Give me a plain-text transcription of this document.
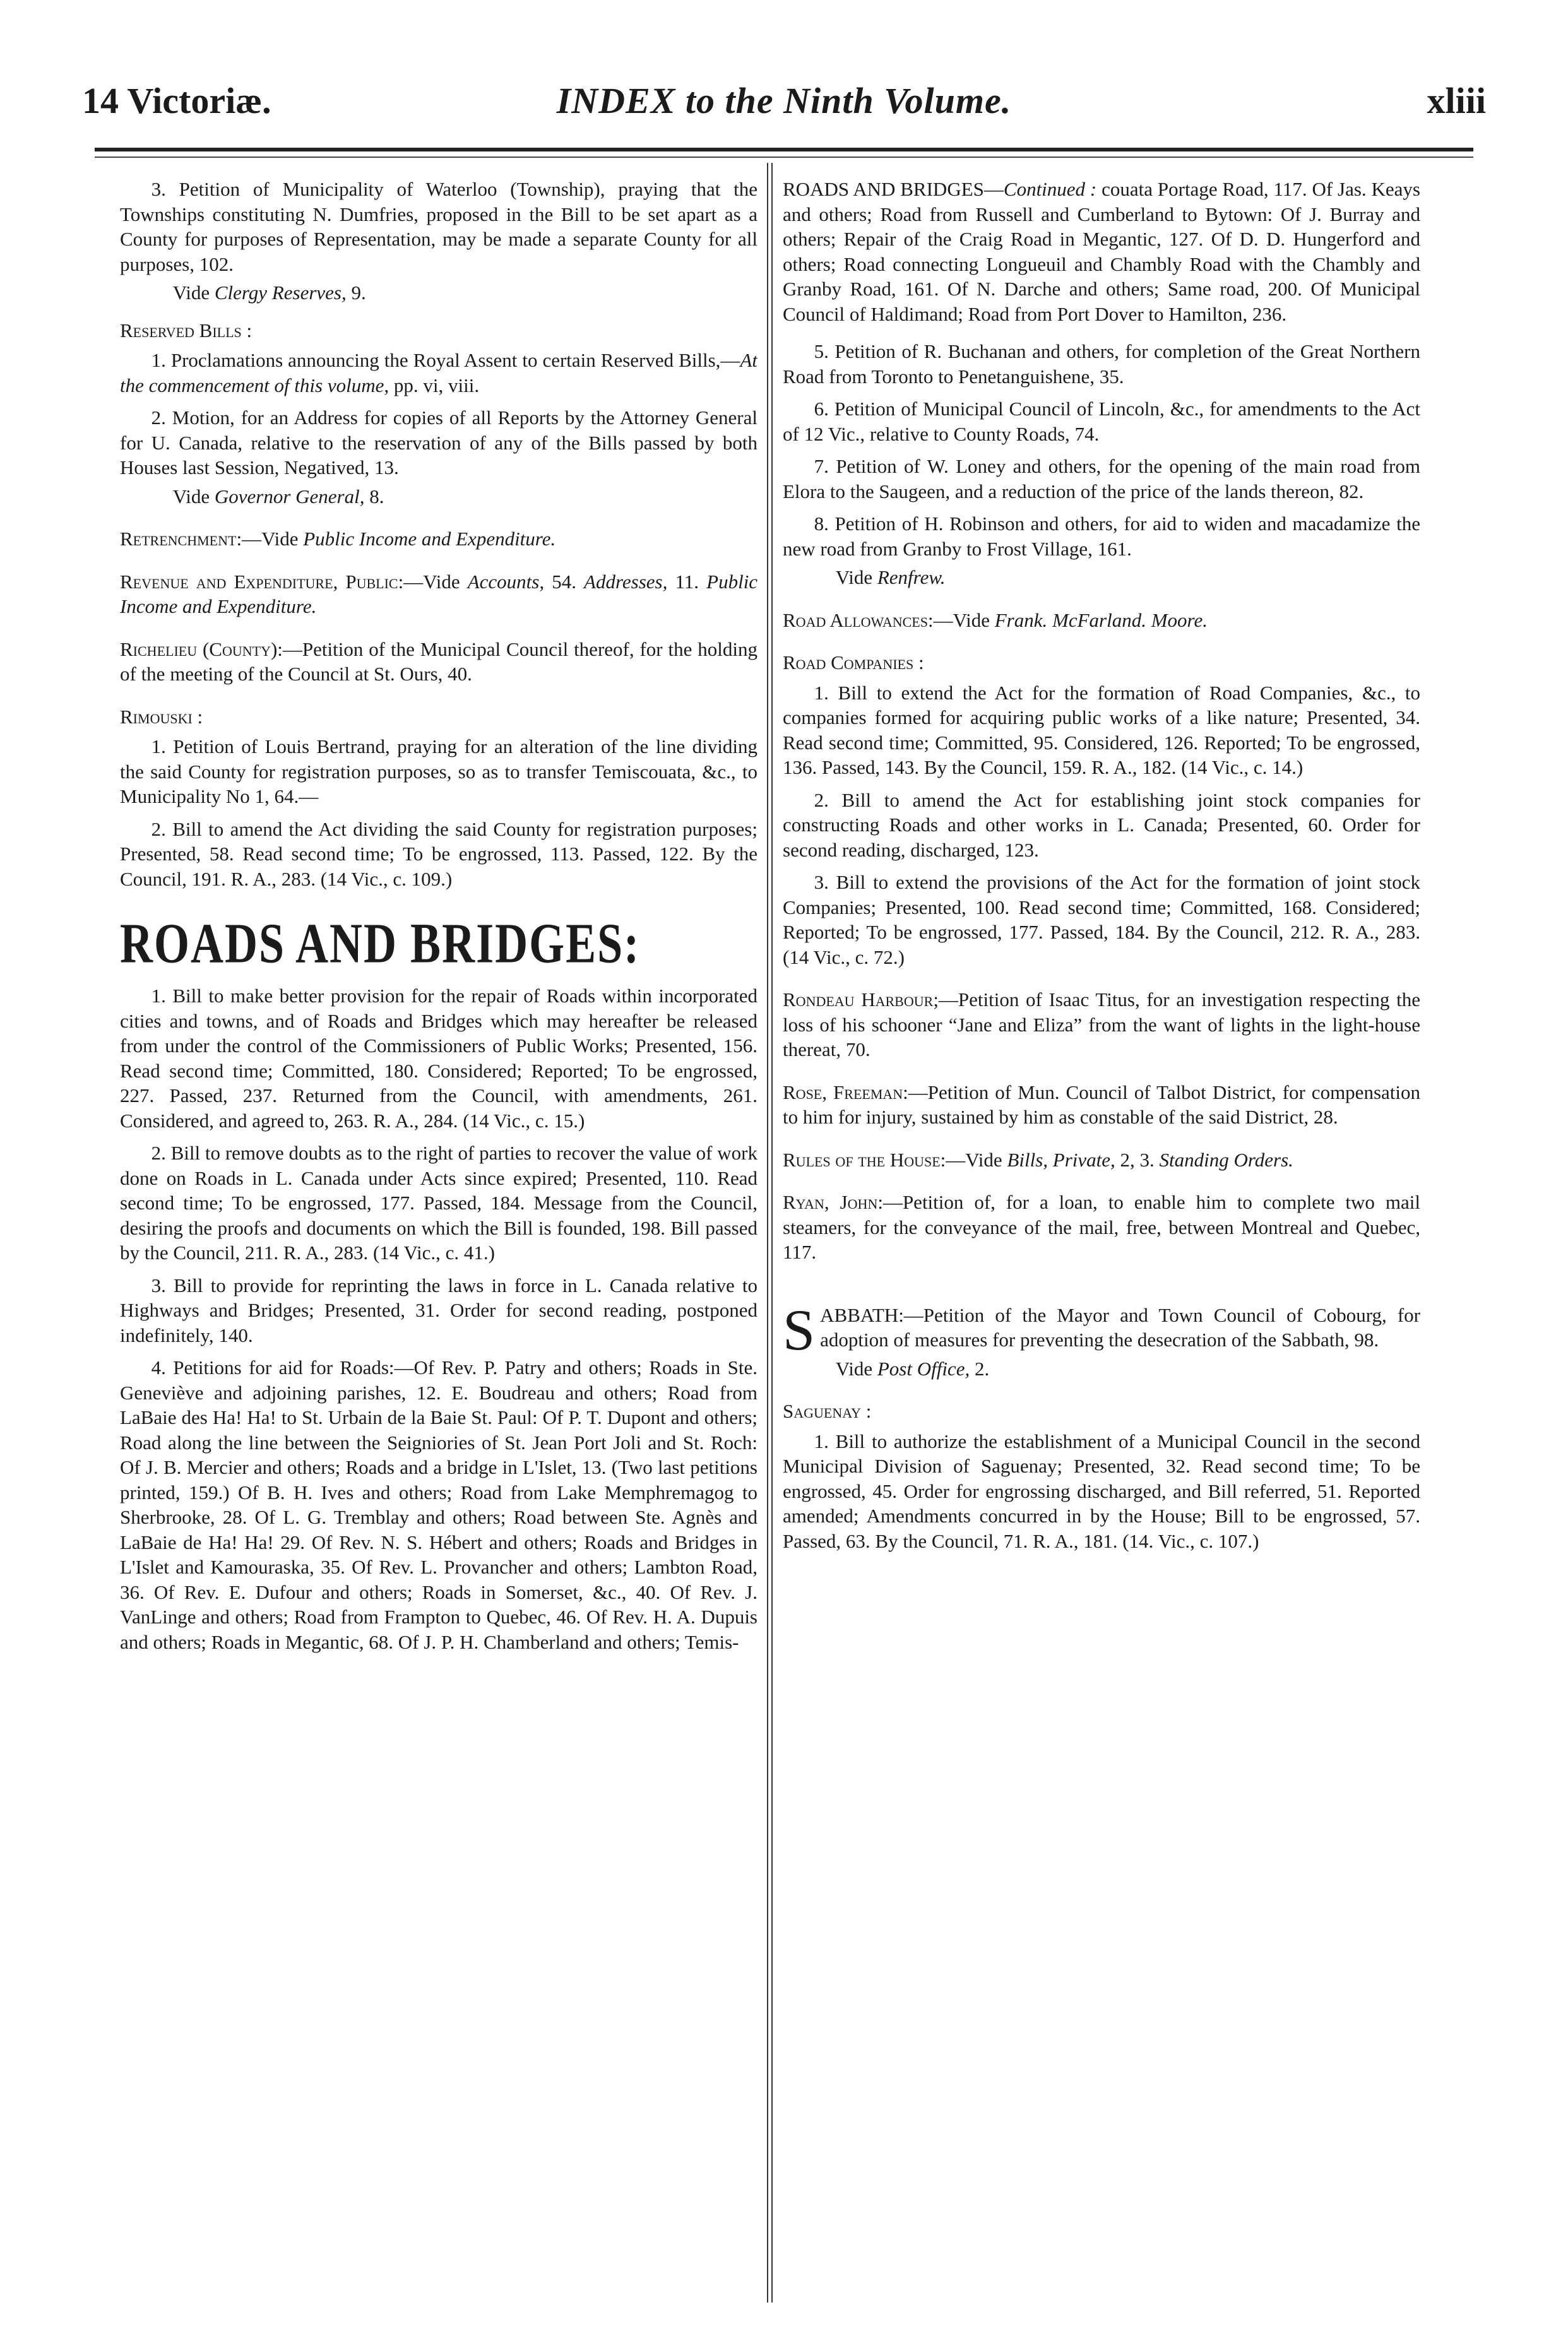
14 Victoriæ.	INDEX to the Ninth Volume.	xliii

3. Petition of Municipality of Waterloo (Township), praying that the Townships constituting N. Dumfries, proposed in the Bill to be set apart as a County for purposes of Representation, may be made a separate County for all purposes, 102.

Vide Clergy Reserves, 9.

Reserved Bills :

1. Proclamations announcing the Royal Assent to certain Reserved Bills,—At the commencement of this volume, pp. vi, viii.

2. Motion, for an Address for copies of all Reports by the Attorney General for U. Canada, relative to the reservation of any of the Bills passed by both Houses last Session, Negatived, 13.

Vide Governor General, 8.

Retrenchment:—Vide Public Income and Expenditure.

Revenue and Expenditure, Public:—Vide Accounts, 54. Addresses, 11. Public Income and Expenditure.

Richelieu (County):—Petition of the Municipal Council thereof, for the holding of the meeting of the Council at St. Ours, 40.

Rimouski :

1. Petition of Louis Bertrand, praying for an alteration of the line dividing the said County for registration purposes, so as to transfer Temiscouata, &c., to Municipality No 1, 64.—

2. Bill to amend the Act dividing the said County for registration purposes; Presented, 58. Read second time; To be engrossed, 113. Passed, 122. By the Council, 191. R. A., 283. (14 Vic., c. 109.)

ROADS AND BRIDGES:

1. Bill to make better provision for the repair of Roads within incorporated cities and towns, and of Roads and Bridges which may hereafter be released from under the control of the Commissioners of Public Works; Presented, 156. Read second time; Committed, 180. Considered; Reported; To be engrossed, 227. Passed, 237. Returned from the Council, with amendments, 261. Considered, and agreed to, 263. R. A., 284. (14 Vic., c. 15.)

2. Bill to remove doubts as to the right of parties to recover the value of work done on Roads in L. Canada under Acts since expired; Presented, 110. Read second time; To be engrossed, 177. Passed, 184. Message from the Council, desiring the proofs and documents on which the Bill is founded, 198. Bill passed by the Council, 211. R. A., 283. (14 Vic., c. 41.)

3. Bill to provide for reprinting the laws in force in L. Canada relative to Highways and Bridges; Presented, 31. Order for second reading, postponed indefinitely, 140.

4. Petitions for aid for Roads:—Of Rev. P. Patry and others; Roads in Ste. Geneviève and adjoining parishes, 12. E. Boudreau and others; Road from LaBaie des Ha! Ha! to St. Urbain de la Baie St. Paul: Of P. T. Dupont and others; Road along the line between the Seigniories of St. Jean Port Joli and St. Roch: Of J. B. Mercier and others; Roads and a bridge in L'Islet, 13. (Two last petitions printed, 159.) Of B. H. Ives and others; Road from Lake Memphremagog to Sherbrooke, 28. Of L. G. Tremblay and others; Road between Ste. Agnès and LaBaie de Ha! Ha! 29. Of Rev. N. S. Hébert and others; Roads and Bridges in L'Islet and Kamouraska, 35. Of Rev. L. Provancher and others; Lambton Road, 36. Of Rev. E. Dufour and others; Roads in Somerset, &c., 40. Of Rev. J. VanLinge and others; Road from Frampton to Quebec, 46. Of Rev. H. A. Dupuis and others; Roads in Megantic, 68. Of J. P. H. Chamberland and others; Temis-

ROADS AND BRIDGES—Continued : couata Portage Road, 117. Of Jas. Keays and others; Road from Russell and Cumberland to Bytown: Of J. Burray and others; Repair of the Craig Road in Megantic, 127. Of D. D. Hungerford and others; Road connecting Longueuil and Chambly Road with the Chambly and Granby Road, 161. Of N. Darche and others; Same road, 200. Of Municipal Council of Haldimand; Road from Port Dover to Hamilton, 236.

5. Petition of R. Buchanan and others, for completion of the Great Northern Road from Toronto to Penetanguishene, 35.

6. Petition of Municipal Council of Lincoln, &c., for amendments to the Act of 12 Vic., relative to County Roads, 74.

7. Petition of W. Loney and others, for the opening of the main road from Elora to the Saugeen, and a reduction of the price of the lands thereon, 82.

8. Petition of H. Robinson and others, for aid to widen and macadamize the new road from Granby to Frost Village, 161.

Vide Renfrew.

Road Allowances:—Vide Frank. McFarland. Moore.

Road Companies :

1. Bill to extend the Act for the formation of Road Companies, &c., to companies formed for acquiring public works of a like nature; Presented, 34. Read second time; Committed, 95. Considered, 126. Reported; To be engrossed, 136. Passed, 143. By the Council, 159. R. A., 182. (14 Vic., c. 14.)

2. Bill to amend the Act for establishing joint stock companies for constructing Roads and other works in L. Canada; Presented, 60. Order for second reading, discharged, 123.

3. Bill to extend the provisions of the Act for the formation of joint stock Companies; Presented, 100. Read second time; Committed, 168. Considered; Reported; To be engrossed, 177. Passed, 184. By the Council, 212. R. A., 283. (14 Vic., c. 72.)

Rondeau Harbour;—Petition of Isaac Titus, for an investigation respecting the loss of his schooner “Jane and Eliza” from the want of lights in the light-house thereat, 70.

Rose, Freeman:—Petition of Mun. Council of Talbot District, for compensation to him for injury, sustained by him as constable of the said District, 28.

Rules of the House:—Vide Bills, Private, 2, 3. Standing Orders.

Ryan, John:—Petition of, for a loan, to enable him to complete two mail steamers, for the conveyance of the mail, free, between Montreal and Quebec, 117.

SABBATH:—Petition of the Mayor and Town Council of Cobourg, for adoption of measures for preventing the desecration of the Sabbath, 98.

Vide Post Office, 2.

Saguenay :

1. Bill to authorize the establishment of a Municipal Council in the second Municipal Division of Saguenay; Presented, 32. Read second time; To be engrossed, 45. Order for engrossing discharged, and Bill referred, 51. Reported amended; Amendments concurred in by the House; Bill to be engrossed, 57. Passed, 63. By the Council, 71. R. A., 181. (14. Vic., c. 107.)
